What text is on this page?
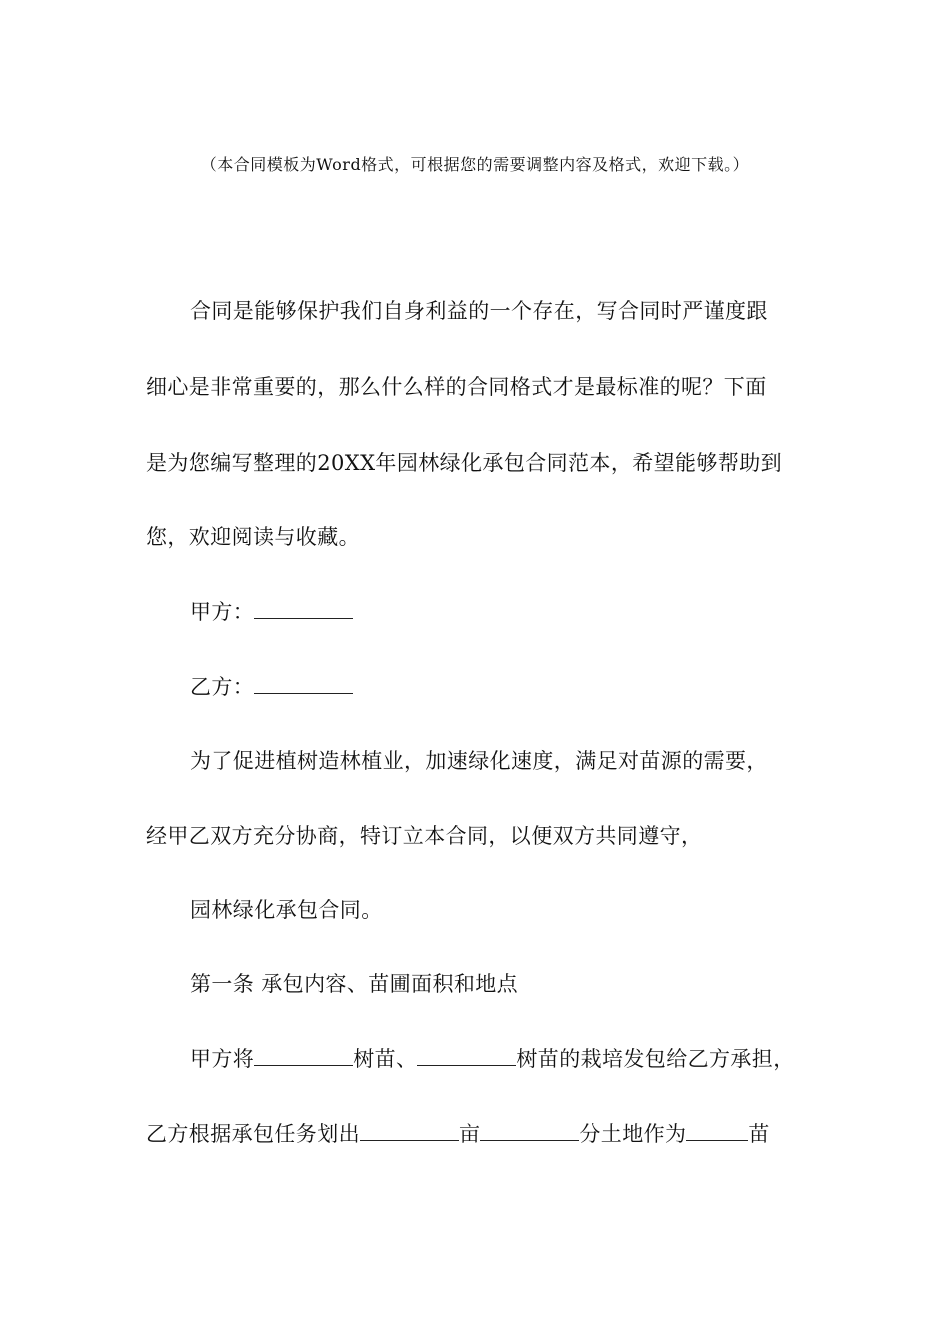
（本合同模板为Word格式，可根据您的需要调整内容及格式，欢迎下载。）
合同是能够保护我们自身利益的一个存在，写合同时严谨度跟
细心是非常重要的，那么什么样的合同格式才是最标准的呢？下面
是为您编写整理的20XX年园林绿化承包合同范本，希望能够帮助到
您，欢迎阅读与收藏。
甲方：
乙方：
为了促进植树造林植业，加速绿化速度，满足对苗源的需要，
经甲乙双方充分协商，特订立本合同，以便双方共同遵守，
园林绿化承包合同。
第一条 承包内容、苗圃面积和地点
甲方将	树苗、	树苗的栽培发包给乙方承担，
乙方根据承包任务划出	亩	分土地作为	苗
